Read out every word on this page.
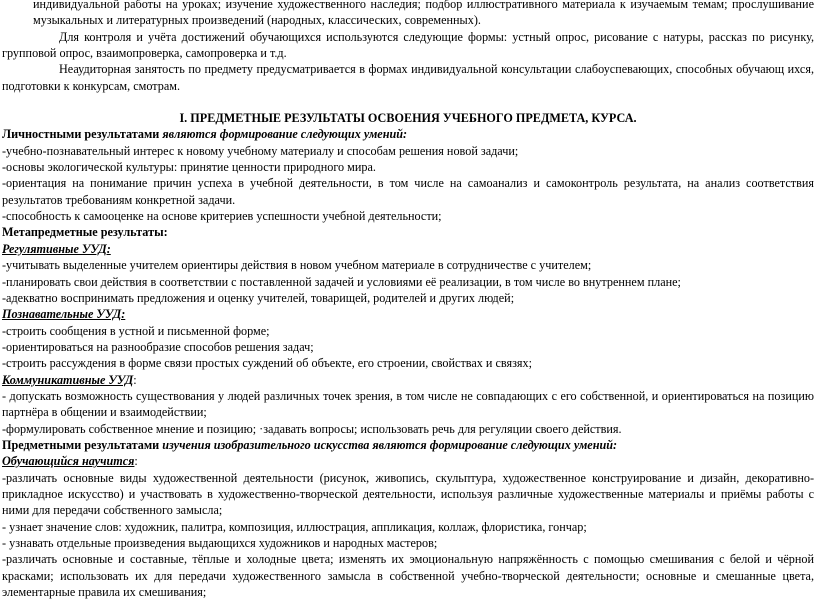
индивидуальной работы на уроках; изучение художественного наследия; подбор иллюстративного материала к изучаемым темам; прослушивание музыкальных и литературных произведений (народных, классических, современных).

Для контроля и учёта достижений обучающихся используются следующие формы: устный опрос, рисование с натуры, рассказ по рисунку, групповой опрос, взаимопроверка, самопроверка и т.д.

Неаудиторная занятость по предмету предусматривается в формах индивидуальной консультации слабоуспевающих, способных обучающ ихся, подготовки к конкурсам, смотрам.

I. ПРЕДМЕТНЫЕ РЕЗУЛЬТАТЫ ОСВОЕНИЯ УЧЕБНОГО ПРЕДМЕТА, КУРСА.

Личностными результатами являются формирование следующих умений:

-учебно-познавательный интерес к новому учебному материалу и способам решения новой задачи;

-основы экологической культуры: принятие ценности природного мира.

-ориентация на понимание причин успеха в учебной деятельности, в том числе на самоанализ и самоконтроль результата, на анализ соответствия результатов требованиям конкретной задачи.

-способность к самооценке на основе критериев успешности учебной деятельности;

Метапредметные результаты:

Регулятивные УУД:

-учитывать выделенные учителем ориентиры действия в новом учебном материале в сотрудничестве с учителем;

-планировать свои действия в соответствии с поставленной задачей и условиями её реализации, в том числе во внутреннем плане;

-адекватно воспринимать предложения и оценку учителей, товарищей, родителей и других людей;

Познавательные УУД:

-строить сообщения в устной и письменной форме;

-ориентироваться на разнообразие способов решения задач;

-строить рассуждения в форме связи простых суждений об объекте, его строении, свойствах и связях;

Коммуникативные УУД:

- допускать возможность существования у людей различных точек зрения, в том числе не совпадающих с его собственной, и ориентироваться на позицию партнёра в общении и взаимодействии;

-формулировать собственное мнение и позицию; ·задавать вопросы; использовать речь для регуляции своего действия.

Предметными результатами изучения изобразительного искусства являются формирование следующих умений:

Обучающийся научится:

-различать основные виды художественной деятельности (рисунок, живопись, скульптура, художественное конструирование и дизайн, декоративно-прикладное искусство) и участвовать в художественно-творческой деятельности, используя различные художественные материалы и приёмы работы с ними для передачи собственного замысла;

- узнает значение слов: художник, палитра, композиция, иллюстрация, аппликация, коллаж, флористика, гончар;

- узнавать отдельные произведения выдающихся художников и народных мастеров;

-различать основные и составные, тёплые и холодные цвета; изменять их эмоциональную напряжённость с помощью смешивания с белой и чёрной красками; использовать их для передачи художественного замысла в собственной учебно-творческой деятельности; основные и смешанные цвета, элементарные правила их смешивания;
